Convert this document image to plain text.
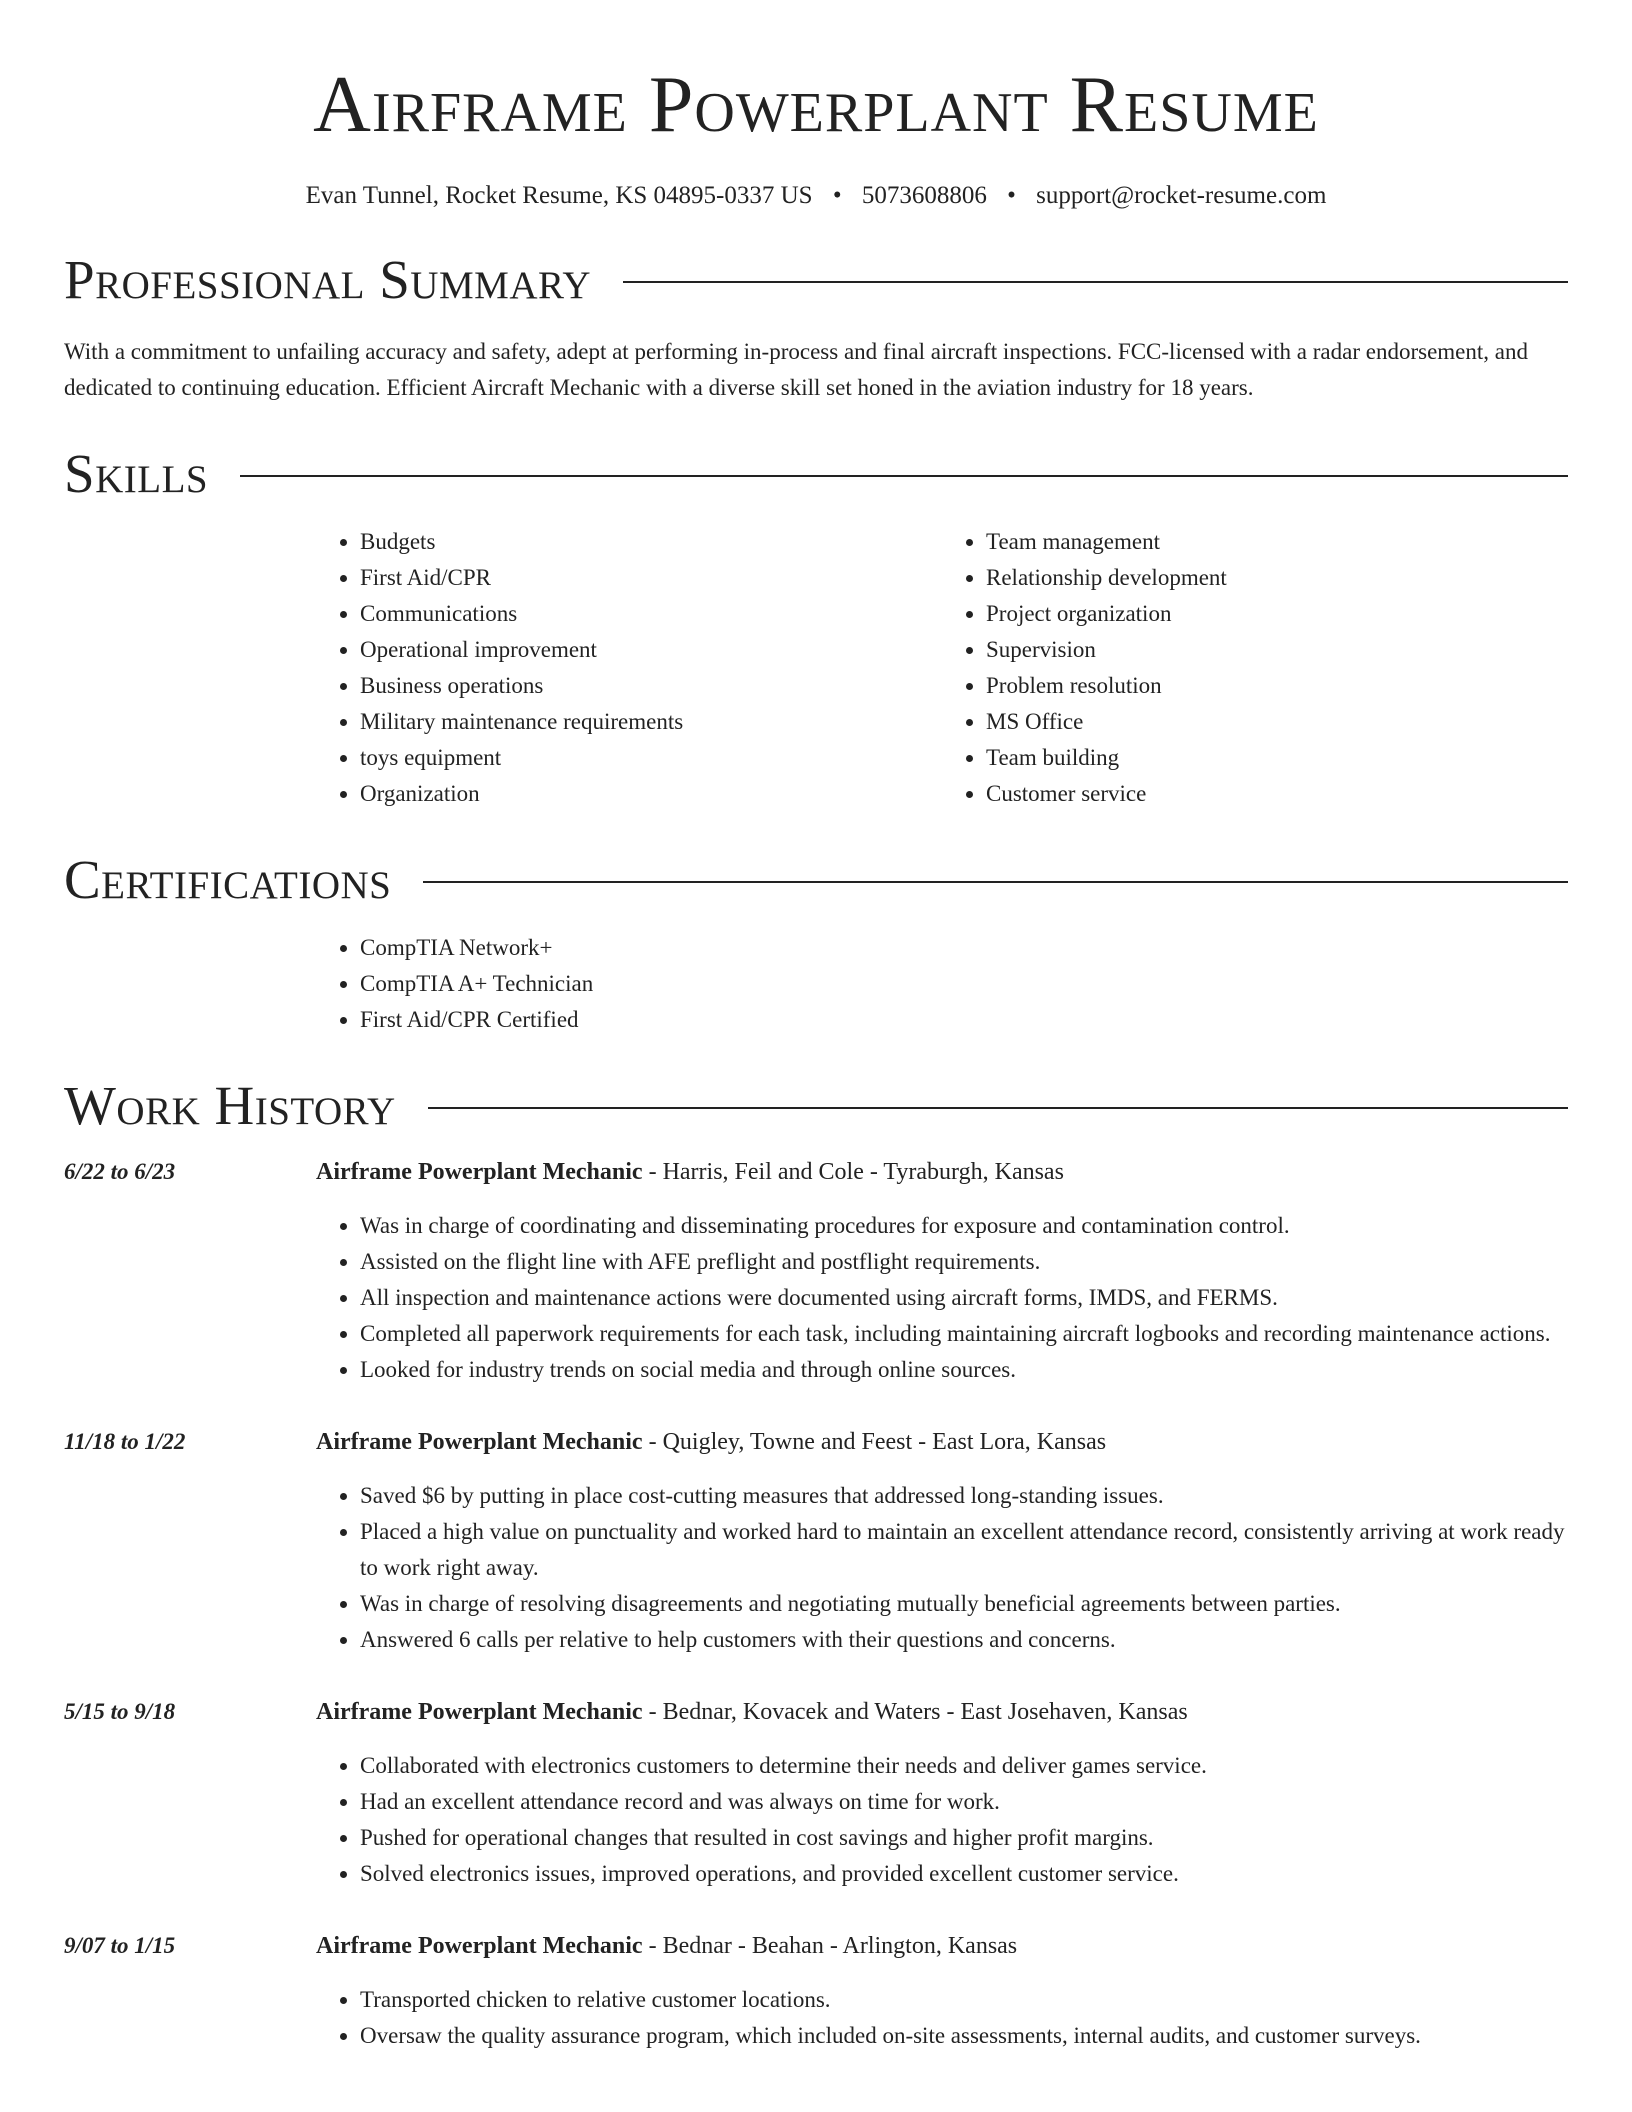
Airframe Powerplant Resume
Evan Tunnel, Rocket Resume, KS 04895-0337 US • 5073608806 • support@rocket-resume.com
Professional Summary

With a commitment to unfailing accuracy and safety, adept at performing in-process and final aircraft inspections. FCC-licensed with a radar endorsement, and dedicated to continuing education. Efficient Aircraft Mechanic with a diverse skill set honed in the aviation industry for 18 years.

Skills
• Budgets
• First Aid/CPR
• Communications
• Operational improvement
• Business operations
• Military maintenance requirements
• toys equipment
• Organization
• Team management
• Relationship development
• Project organization
• Supervision
• Problem resolution
• MS Office
• Team building
• Customer service
Certifications
• CompTIA Network+
• CompTIA A+ Technician
• First Aid/CPR Certified
Work History
6/22 to 6/23	Airframe Powerplant Mechanic - Harris, Feil and Cole - Tyraburgh, Kansas
• Was in charge of coordinating and disseminating procedures for exposure and contamination control.
• Assisted on the flight line with AFE preflight and postflight requirements.
• All inspection and maintenance actions were documented using aircraft forms, IMDS, and FERMS.
• Completed all paperwork requirements for each task, including maintaining aircraft logbooks and recording maintenance actions.
• Looked for industry trends on social media and through online sources.
11/18 to 1/22	Airframe Powerplant Mechanic - Quigley, Towne and Feest - East Lora, Kansas
• Saved $6 by putting in place cost-cutting measures that addressed long-standing issues.
• Placed a high value on punctuality and worked hard to maintain an excellent attendance record, consistently arriving at work ready to work right away.
• Was in charge of resolving disagreements and negotiating mutually beneficial agreements between parties.
• Answered 6 calls per relative to help customers with their questions and concerns.
5/15 to 9/18	Airframe Powerplant Mechanic - Bednar, Kovacek and Waters - East Josehaven, Kansas
• Collaborated with electronics customers to determine their needs and deliver games service.
• Had an excellent attendance record and was always on time for work.
• Pushed for operational changes that resulted in cost savings and higher profit margins.
• Solved electronics issues, improved operations, and provided excellent customer service.
9/07 to 1/15	Airframe Powerplant Mechanic - Bednar - Beahan - Arlington, Kansas
• Transported chicken to relative customer locations.
• Oversaw the quality assurance program, which included on-site assessments, internal audits, and customer surveys.
